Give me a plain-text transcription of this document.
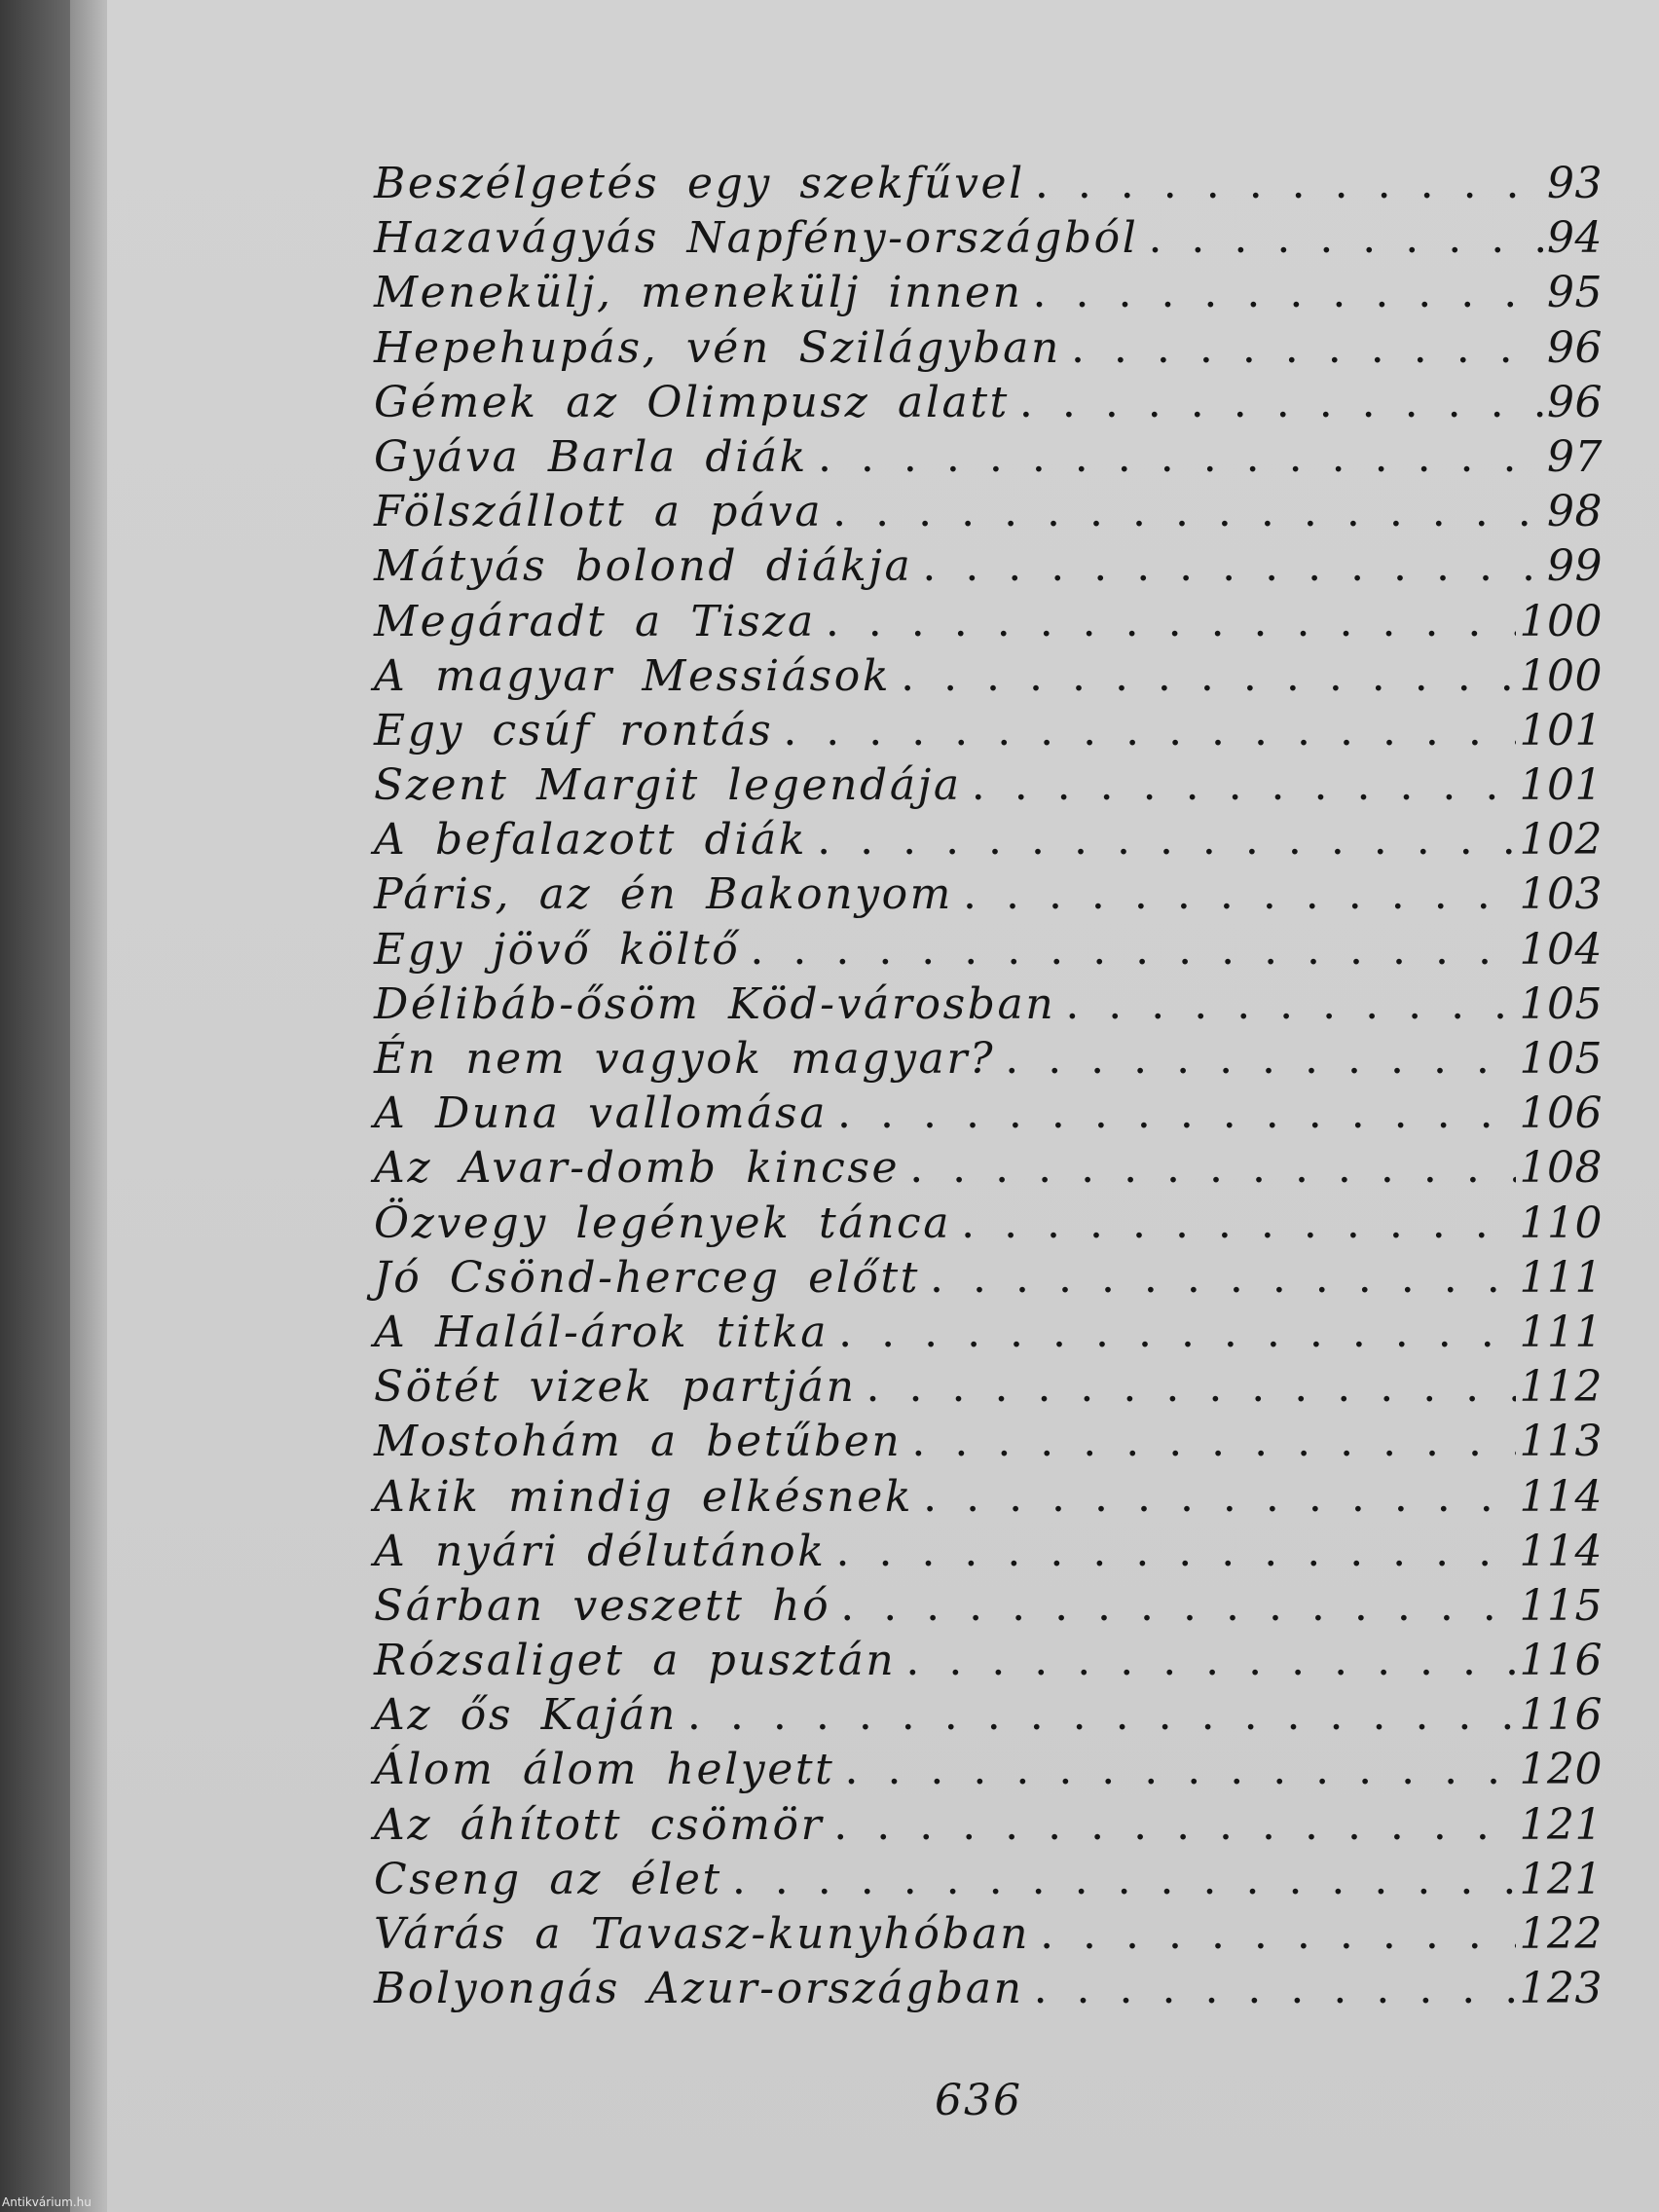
Beszélgetés egy szekfűvel . . .	93
Hazavágyás Napfény-országból . . .	94
Menekülj, menekülj innen . . .	95
Hepehupás, vén Szilágyban . . .	96
Gémek az Olimpusz alatt . . .	96
Gyáva Barla diák . . .	97
Fölszállott a páva . . .	98
Mátyás bolond diákja . . .	99
Megáradt a Tisza . . .	100
A magyar Messiások . . .	100
Egy csúf rontás . . .	101
Szent Margit legendája . . .	101
A befalazott diák . . .	102
Páris, az én Bakonyom . . .	103
Egy jövő költő . . .	104
Délibáb-ősöm Köd-városban . . .	105
Én nem vagyok magyar? . . .	105
A Duna vallomása . . .	106
Az Avar-domb kincse . . .	108
Özvegy legények tánca . . .	110
Jó Csönd-herceg előtt . . .	111
A Halál-árok titka . . .	111
Sötét vizek partján . . .	112
Mostohám a betűben . . .	113
Akik mindig elkésnek . . .	114
A nyári délutánok . . .	114
Sárban veszett hó . . .	115
Rózsaliget a pusztán . . .	116
Az ős Kaján . . .	116
Álom álom helyett . . .	120
Az áhított csömör . . .	121
Cseng az élet . . .	121
Várás a Tavasz-kunyhóban . . .	122
Bolyongás Azur-országban . . .	123
636
Antikvárium.hu
